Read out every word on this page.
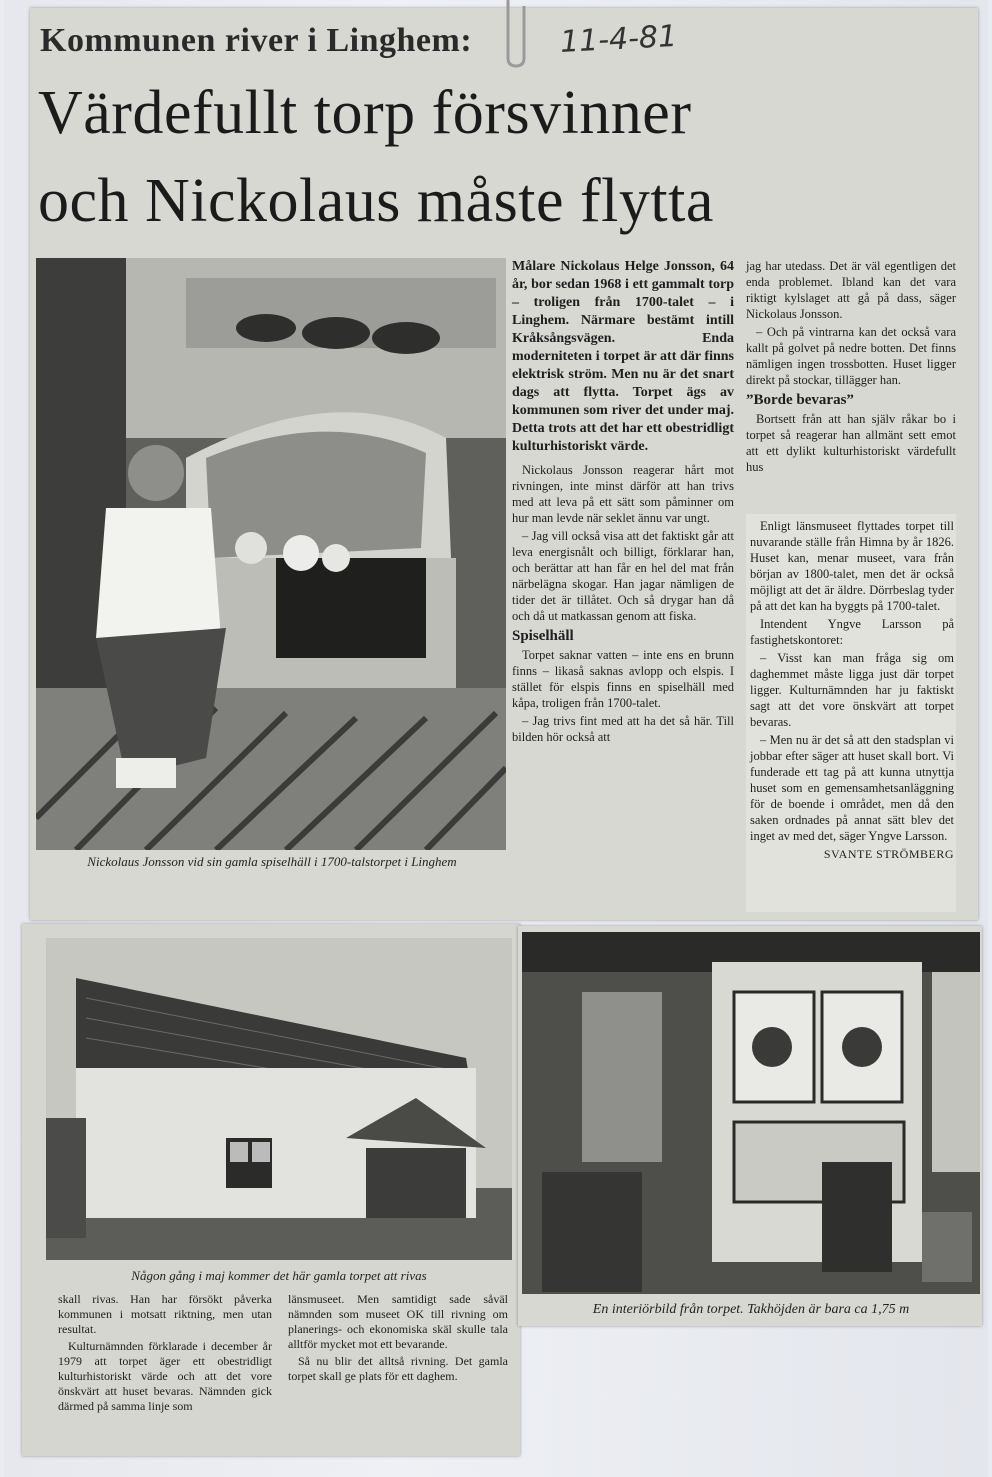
Kommunen river i Linghem:	11-4-81
Värdefullt torp försvinner
och Nickolaus måste flytta
Nickolaus Jonsson vid sin gamla spiselhäll i 1700-talstorpet i Linghem
Målare Nickolaus Helge Jonsson, 64 år, bor sedan 1968 i ett gammalt torp – troligen från 1700-talet – i Linghem. Närmare bestämt intill Kråksångsvägen. Enda moderniteten i torpet är att där finns elektrisk ström. Men nu är det snart dags att flytta. Torpet ägs av kommunen som river det under maj. Detta trots att det har ett obestridligt kulturhistoriskt värde.

Nickolaus Jonsson reagerar hårt mot rivningen, inte minst därför att han trivs med att leva på ett sätt som påminner om hur man levde när seklet ännu var ungt.

– Jag vill också visa att det faktiskt går att leva energisnålt och billigt, förklarar han, och berättar att han får en hel del mat från närbelägna skogar. Han jagar nämligen de tider det är tillåtet. Och så drygar han då och då ut matkassan genom att fiska.

Spiselhäll

Torpet saknar vatten – inte ens en brunn finns – likaså saknas avlopp och elspis. I stället för elspis finns en spiselhäll med kåpa, troligen från 1700-talet.

– Jag trivs fint med att ha det så här. Till bilden hör också att

jag har utedass. Det är väl egentligen det enda problemet. Ibland kan det vara riktigt kylslaget att gå på dass, säger Nickolaus Jonsson.

– Och på vintrarna kan det också vara kallt på golvet på nedre botten. Det finns nämligen ingen trossbotten. Huset ligger direkt på stockar, tillägger han.

”Borde bevaras”

Bortsett från att han själv råkar bo i torpet så reagerar han allmänt sett emot att ett dylikt kulturhistoriskt värdefullt hus

Enligt länsmuseet flyttades torpet till nuvarande ställe från Himna by år 1826. Huset kan, menar museet, vara från början av 1800-talet, men det är också möjligt att det är äldre. Dörrbeslag tyder på att det kan ha byggts på 1700-talet.

Intendent Yngve Larsson på fastighetskontoret:

– Visst kan man fråga sig om daghemmet måste ligga just där torpet ligger. Kulturnämnden har ju faktiskt sagt att det vore önskvärt att torpet bevaras.

– Men nu är det så att den stadsplan vi jobbar efter säger att huset skall bort. Vi funderade ett tag på att kunna utnyttja huset som en gemensamhetsanläggning för de boende i området, men då den saken ordnades på annat sätt blev det inget av med det, säger Yngve Larsson.

SVANTE STRÖMBERG
Någon gång i maj kommer det här gamla torpet att rivas

skall rivas. Han har försökt påverka kommunen i motsatt riktning, men utan resultat.

Kulturnämnden förklarade i december år 1979 att torpet äger ett obestridligt kulturhistoriskt värde och att det vore önskvärt att huset bevaras. Nämnden gick därmed på samma linje som

länsmuseet. Men samtidigt sade såväl nämnden som museet OK till rivning om planerings- och ekonomiska skäl skulle tala alltför mycket mot ett bevarande.

Så nu blir det alltså rivning. Det gamla torpet skall ge plats för ett daghem.

En interiörbild från torpet. Takhöjden är bara ca 1,75 m
